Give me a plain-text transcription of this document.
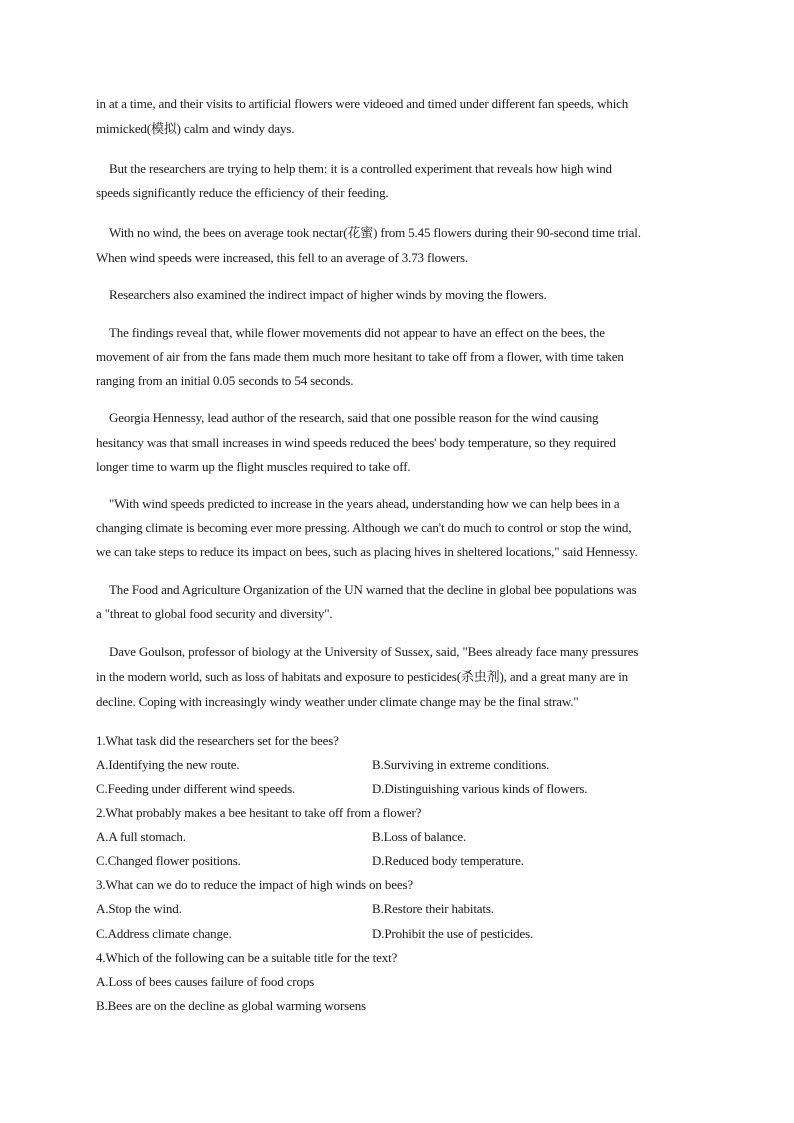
in at a time, and their visits to artificial flowers were videoed and timed under different fan speeds, which
mimicked(模拟) calm and windy days.
But the researchers are trying to help them: it is a controlled experiment that reveals how high wind
speeds significantly reduce the efficiency of their feeding.
With no wind, the bees on average took nectar(花蜜) from 5.45 flowers during their 90-second time trial.
When wind speeds were increased, this fell to an average of 3.73 flowers.
Researchers also examined the indirect impact of higher winds by moving the flowers.
The findings reveal that, while flower movements did not appear to have an effect on the bees, the
movement of air from the fans made them much more hesitant to take off from a flower, with time taken
ranging from an initial 0.05 seconds to 54 seconds.
Georgia Hennessy, lead author of the research, said that one possible reason for the wind causing
hesitancy was that small increases in wind speeds reduced the bees' body temperature, so they required
longer time to warm up the flight muscles required to take off.
"With wind speeds predicted to increase in the years ahead, understanding how we can help bees in a
changing climate is becoming ever more pressing. Although we can't do much to control or stop the wind,
we can take steps to reduce its impact on bees, such as placing hives in sheltered locations," said Hennessy.
The Food and Agriculture Organization of the UN warned that the decline in global bee populations was
a "threat to global food security and diversity".
Dave Goulson, professor of biology at the University of Sussex, said, "Bees already face many pressures
in the modern world, such as loss of habitats and exposure to pesticides(杀虫剂), and a great many are in
decline. Coping with increasingly windy weather under climate change may be the final straw."
1.What task did the researchers set for the bees?
A.Identifying the new route.	B.Surviving in extreme conditions.
C.Feeding under different wind speeds.	D.Distinguishing various kinds of flowers.
2.What probably makes a bee hesitant to take off from a flower?
A.A full stomach.	B.Loss of balance.
C.Changed flower positions.	D.Reduced body temperature.
3.What can we do to reduce the impact of high winds on bees?
A.Stop the wind.	B.Restore their habitats.
C.Address climate change.	D.Prohibit the use of pesticides.
4.Which of the following can be a suitable title for the text?
A.Loss of bees causes failure of food crops
B.Bees are on the decline as global warming worsens
